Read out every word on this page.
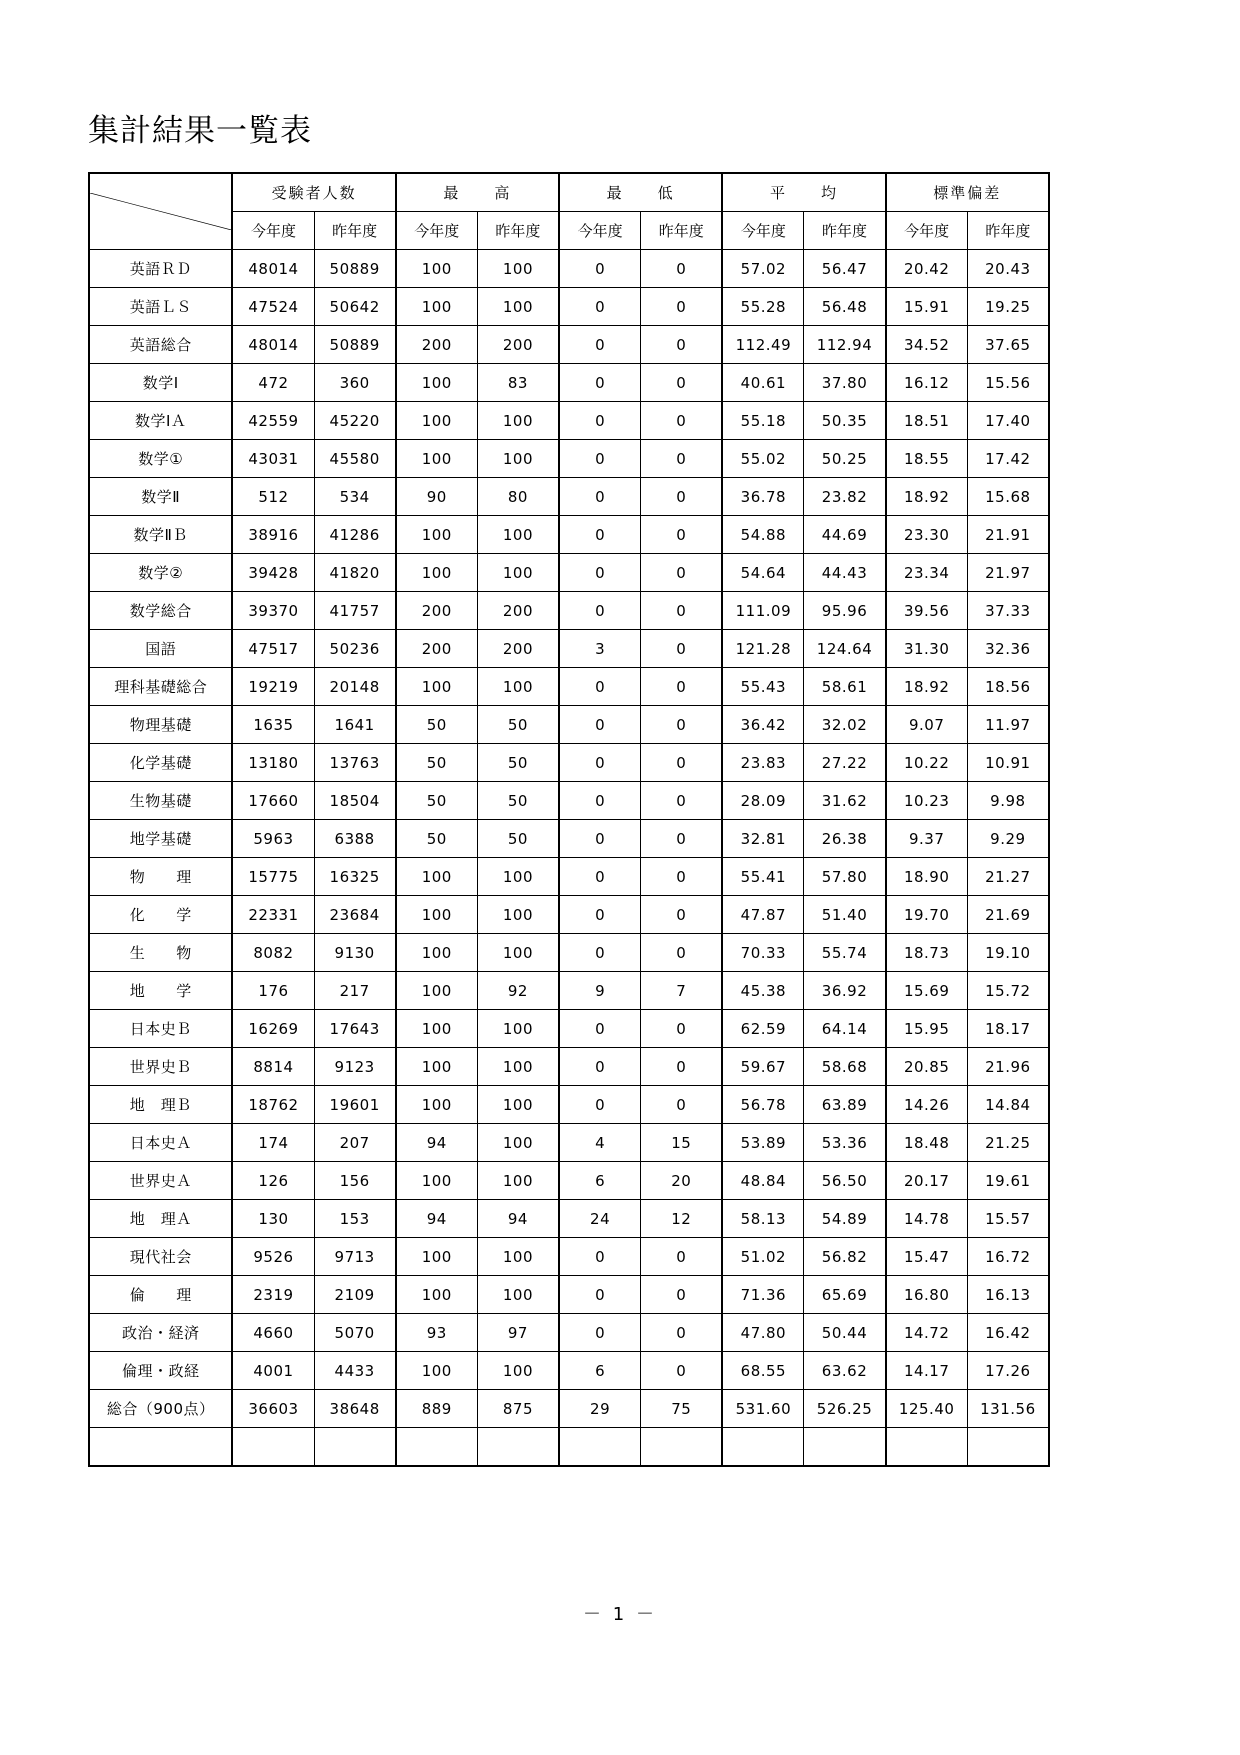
集計結果一覧表
	受験者人数		最　　高		最　　低		平　　均		標準偏差	
	今年度	昨年度	今年度	昨年度	今年度	昨年度	今年度	昨年度	今年度	昨年度
英語ＲＤ	48014	50889	100	100	0	0	57.02	56.47	20.42	20.43
英語ＬＳ	47524	50642	100	100	0	0	55.28	56.48	15.91	19.25
英語総合	48014	50889	200	200	0	0	112.49	112.94	34.52	37.65
数学Ⅰ	472	360	100	83	0	0	40.61	37.80	16.12	15.56
数学ⅠＡ	42559	45220	100	100	0	0	55.18	50.35	18.51	17.40
数学①	43031	45580	100	100	0	0	55.02	50.25	18.55	17.42
数学Ⅱ	512	534	90	80	0	0	36.78	23.82	18.92	15.68
数学ⅡＢ	38916	41286	100	100	0	0	54.88	44.69	23.30	21.91
数学②	39428	41820	100	100	0	0	54.64	44.43	23.34	21.97
数学総合	39370	41757	200	200	0	0	111.09	95.96	39.56	37.33
国語	47517	50236	200	200	3	0	121.28	124.64	31.30	32.36
理科基礎総合	19219	20148	100	100	0	0	55.43	58.61	18.92	18.56
物理基礎	1635	1641	50	50	0	0	36.42	32.02	9.07	11.97
化学基礎	13180	13763	50	50	0	0	23.83	27.22	10.22	10.91
生物基礎	17660	18504	50	50	0	0	28.09	31.62	10.23	9.98
地学基礎	5963	6388	50	50	0	0	32.81	26.38	9.37	9.29
物　　理	15775	16325	100	100	0	0	55.41	57.80	18.90	21.27
化　　学	22331	23684	100	100	0	0	47.87	51.40	19.70	21.69
生　　物	8082	9130	100	100	0	0	70.33	55.74	18.73	19.10
地　　学	176	217	100	92	9	7	45.38	36.92	15.69	15.72
日本史Ｂ	16269	17643	100	100	0	0	62.59	64.14	15.95	18.17
世界史Ｂ	8814	9123	100	100	0	0	59.67	58.68	20.85	21.96
地　理Ｂ	18762	19601	100	100	0	0	56.78	63.89	14.26	14.84
日本史Ａ	174	207	94	100	4	15	53.89	53.36	18.48	21.25
世界史Ａ	126	156	100	100	6	20	48.84	56.50	20.17	19.61
地　理Ａ	130	153	94	94	24	12	58.13	54.89	14.78	15.57
現代社会	9526	9713	100	100	0	0	51.02	56.82	15.47	16.72
倫　　理	2319	2109	100	100	0	0	71.36	65.69	16.80	16.13
政治・経済	4660	5070	93	97	0	0	47.80	50.44	14.72	16.42
倫理・政経	4001	4433	100	100	6	0	68.55	63.62	14.17	17.26
総合（900点）	36603	38648	889	875	29	75	531.60	526.25	125.40	131.56

－ 1 －
